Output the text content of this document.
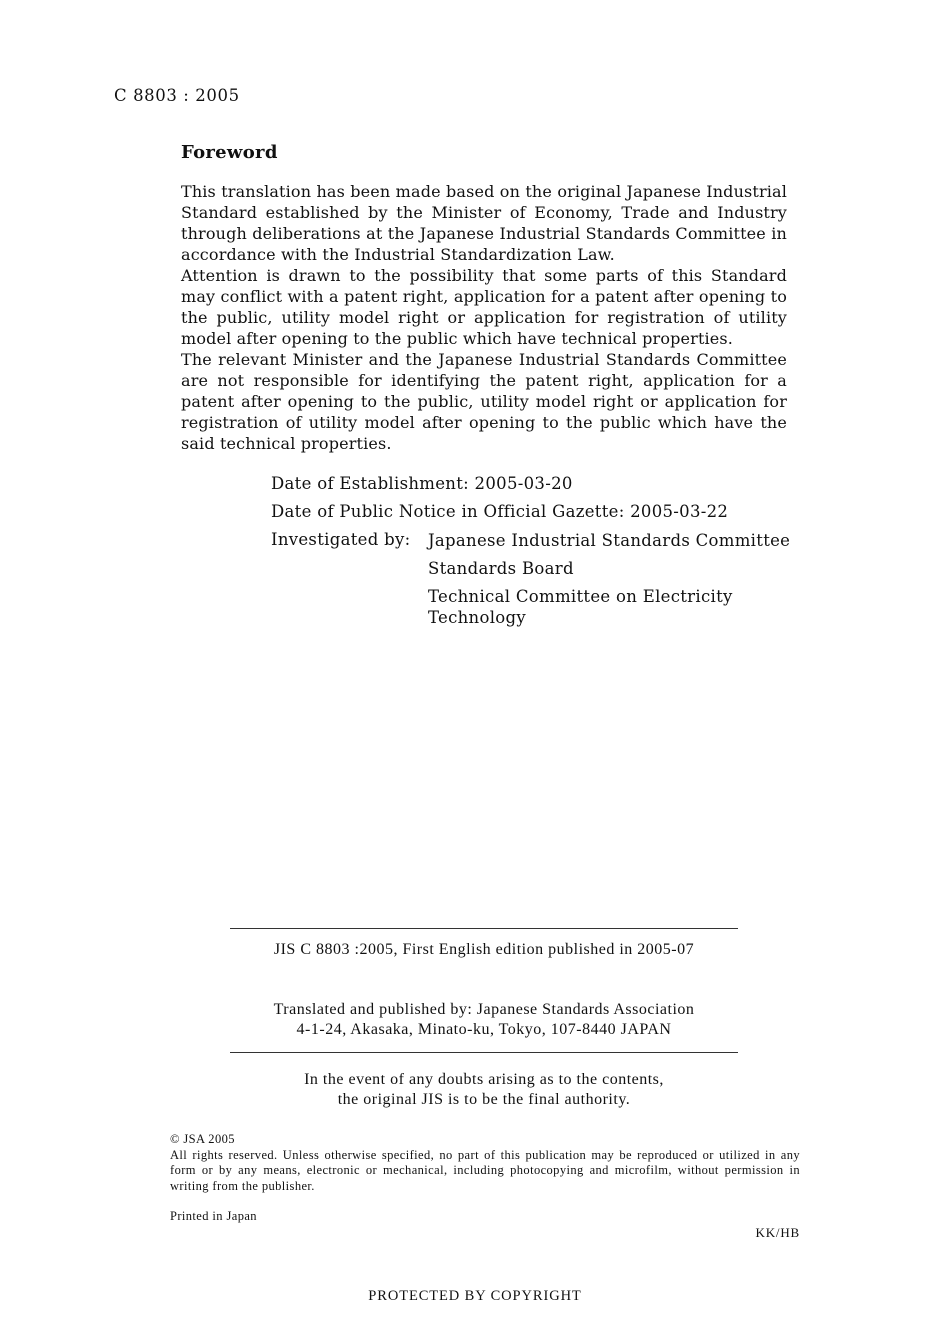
C 8803 : 2005
Foreword

This translation has been made based on the original Japanese Industrial Standard established by the Minister of Economy, Trade and Industry through deliberations at the Japanese Industrial Standards Committee in accordance with the Industrial Standardization Law.

Attention is drawn to the possibility that some parts of this Standard may conflict with a patent right, application for a patent after opening to the public, utility model right or application for registration of utility model after opening to the public which have technical properties.

The relevant Minister and the Japanese Industrial Standards Committee are not responsible for identifying the patent right, application for a patent after opening to the public, utility model right or application for registration of utility model after opening to the public which have the said technical properties.

Date of Establishment: 2005-03-20
Date of Public Notice in Official Gazette: 2005-03-22
Investigated by:	Japanese Industrial Standards Committee
Standards Board
Technical Committee on Electricity Technology
JIS C 8803 :2005, First English edition published in 2005-07
Translated and published by: Japanese Standards Association
4-1-24, Akasaka, Minato-ku, Tokyo, 107-8440 JAPAN
In the event of any doubts arising as to the contents,
the original JIS is to be the final authority.
© JSA 2005
All rights reserved. Unless otherwise specified, no part of this publication may be reproduced or utilized in any form or by any means, electronic or mechanical, including photocopying and microfilm, without permission in writing from the publisher.
Printed in Japan
KK/HB
PROTECTED BY COPYRIGHT
